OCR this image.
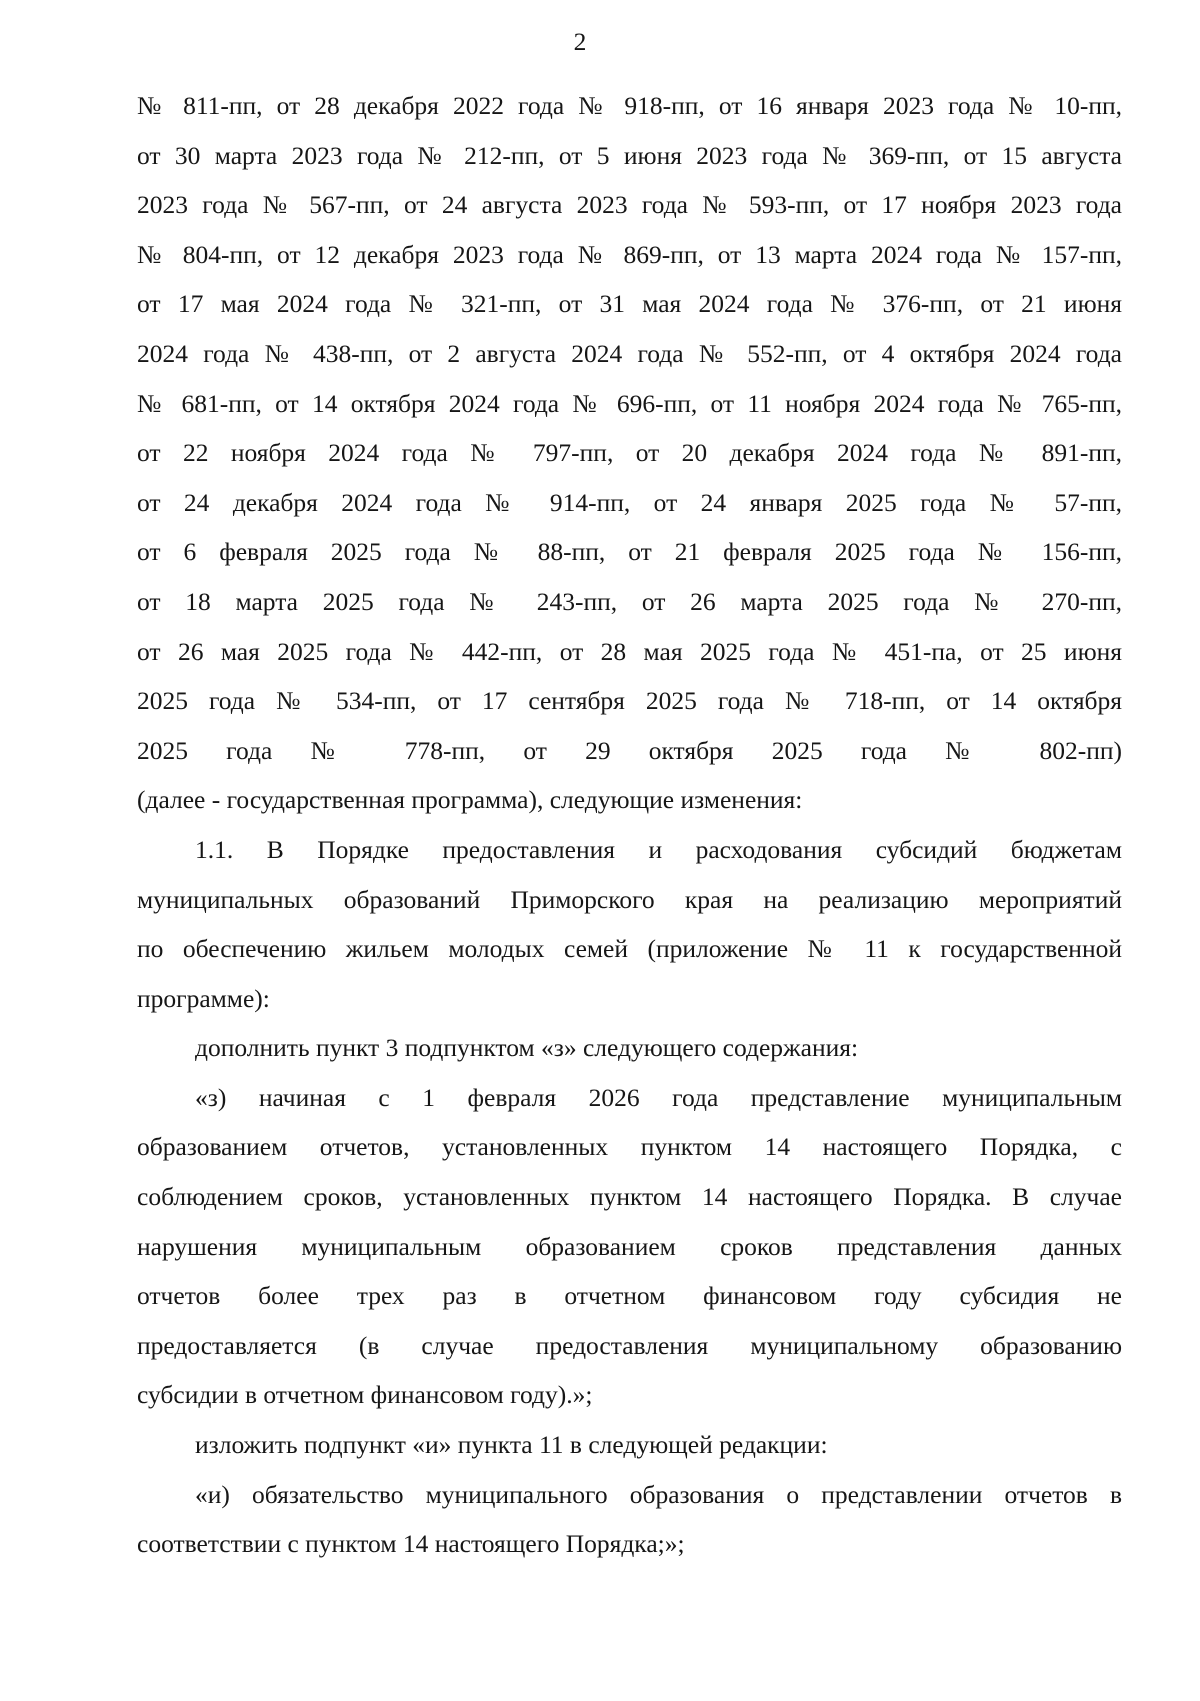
2
№ 811-пп, от 28 декабря 2022 года № 918-пп, от 16 января 2023 года № 10-пп,
от 30 марта 2023 года № 212-пп, от 5 июня 2023 года № 369-пп, от 15 августа
2023 года № 567-пп, от 24 августа 2023 года № 593-пп, от 17 ноября 2023 года
№ 804-пп, от 12 декабря 2023 года № 869-пп, от 13 марта 2024 года № 157-пп,
от 17 мая 2024 года № 321-пп, от 31 мая 2024 года № 376-пп, от 21 июня
2024 года № 438-пп, от 2 августа 2024 года № 552-пп, от 4 октября 2024 года
№ 681-пп, от 14 октября 2024 года № 696-пп, от 11 ноября 2024 года № 765-пп,
от 22 ноября 2024 года № 797-пп, от 20 декабря 2024 года № 891-пп,
от 24 декабря 2024 года № 914-пп, от 24 января 2025 года № 57-пп,
от 6 февраля 2025 года № 88-пп, от 21 февраля 2025 года № 156-пп,
от 18 марта 2025 года № 243-пп, от 26 марта 2025 года № 270-пп,
от 26 мая 2025 года № 442-пп, от 28 мая 2025 года № 451-па, от 25 июня
2025 года № 534-пп, от 17 сентября 2025 года № 718-пп, от 14 октября
2025 года № 778-пп, от 29 октября 2025 года № 802-пп)
(далее - государственная программа), следующие изменения:
1.1. В Порядке предоставления и расходования субсидий бюджетам
муниципальных образований Приморского края на реализацию мероприятий
по обеспечению жильем молодых семей (приложение № 11 к государственной
программе):
дополнить пункт 3 подпунктом «з» следующего содержания:
«з) начиная с 1 февраля 2026 года представление муниципальным
образованием отчетов, установленных пунктом 14 настоящего Порядка, с
соблюдением сроков, установленных пунктом 14 настоящего Порядка. В случае
нарушения муниципальным образованием сроков представления данных
отчетов более трех раз в отчетном финансовом году субсидия не
предоставляется (в случае предоставления муниципальному образованию
субсидии в отчетном финансовом году).»;
изложить подпункт «и» пункта 11 в следующей редакции:
«и) обязательство муниципального образования о представлении отчетов в
соответствии с пунктом 14 настоящего Порядка;»;
